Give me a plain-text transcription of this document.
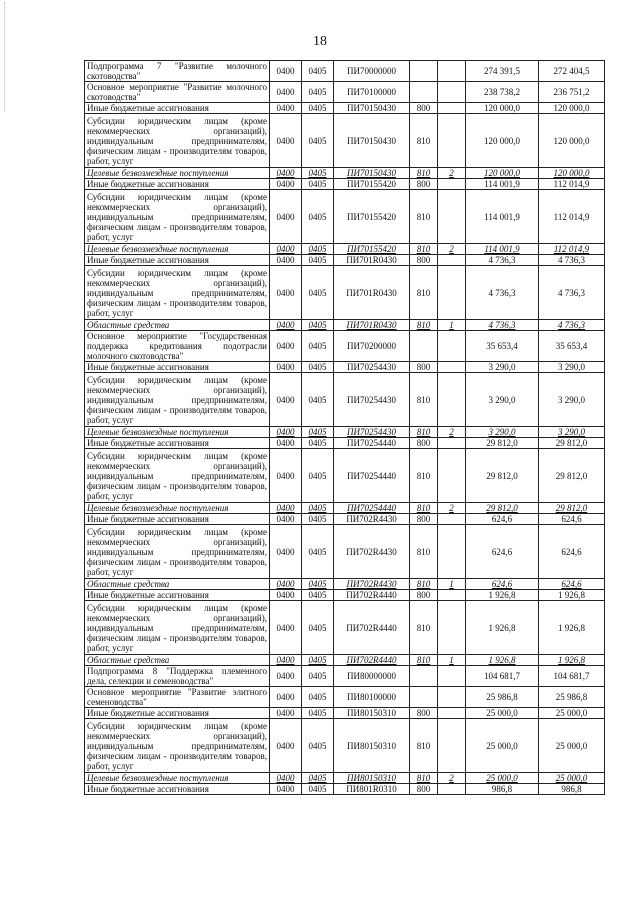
18
Подпрограмма 7 "Развитие молочного скотоводства"	0400	0405	ПИ70000000			274 391,5	272 404,5
Основное мероприятие "Развитие молочного скотоводства"	0400	0405	ПИ70100000			238 738,2	236 751,2
Иные бюджетные ассигнования	0400	0405	ПИ70150430	800		120 000,0	120 000,0
Субсидии юридическим лицам (кроме некоммерческих организаций), индивидуальным предпринимателям, физическим лицам - производителям товаров, работ, услуг	0400	0405	ПИ70150430	810		120 000,0	120 000,0
Целевые безвозмездные поступления	0400	0405	ПИ70150430	810	2	120 000,0	120 000,0
Иные бюджетные ассигнования	0400	0405	ПИ70155420	800		114 001,9	112 014,9
Субсидии юридическим лицам (кроме некоммерческих организаций), индивидуальным предпринимателям, физическим лицам - производителям товаров, работ, услуг	0400	0405	ПИ70155420	810		114 001,9	112 014,9
Целевые безвозмездные поступления	0400	0405	ПИ70155420	810	2	114 001,9	112 014,9
Иные бюджетные ассигнования	0400	0405	ПИ701R0430	800		4 736,3	4 736,3
Субсидии юридическим лицам (кроме некоммерческих организаций), индивидуальным предпринимателям, физическим лицам - производителям товаров, работ, услуг	0400	0405	ПИ701R0430	810		4 736,3	4 736,3
Областные средства	0400	0405	ПИ701R0430	810	1	4 736,3	4 736,3
Основное мероприятие "Государственная поддержка кредитования подотрасли молочного скотоводства"	0400	0405	ПИ70200000			35 653,4	35 653,4
Иные бюджетные ассигнования	0400	0405	ПИ70254430	800		3 290,0	3 290,0
Субсидии юридическим лицам (кроме некоммерческих организаций), индивидуальным предпринимателям, физическим лицам - производителям товаров, работ, услуг	0400	0405	ПИ70254430	810		3 290,0	3 290,0
Целевые безвозмездные поступления	0400	0405	ПИ70254430	810	2	3 290,0	3 290,0
Иные бюджетные ассигнования	0400	0405	ПИ70254440	800		29 812,0	29 812,0
Субсидии юридическим лицам (кроме некоммерческих организаций), индивидуальным предпринимателям, физическим лицам - производителям товаров, работ, услуг	0400	0405	ПИ70254440	810		29 812,0	29 812,0
Целевые безвозмездные поступления	0400	0405	ПИ70254440	810	2	29 812,0	29 812,0
Иные бюджетные ассигнования	0400	0405	ПИ702R4430	800		624,6	624,6
Субсидии юридическим лицам (кроме некоммерческих организаций), индивидуальным предпринимателям, физическим лицам - производителям товаров, работ, услуг	0400	0405	ПИ702R4430	810		624,6	624,6
Областные средства	0400	0405	ПИ702R4430	810	1	624,6	624,6
Иные бюджетные ассигнования	0400	0405	ПИ702R4440	800		1 926,8	1 926,8
Субсидии юридическим лицам (кроме некоммерческих организаций), индивидуальным предпринимателям, физическим лицам - производителям товаров, работ, услуг	0400	0405	ПИ702R4440	810		1 926,8	1 926,8
Областные средства	0400	0405	ПИ702R4440	810	1	1 926,8	1 926,8
Подпрограмма 8 "Поддержка племенного дела, селекции и семеноводства"	0400	0405	ПИ80000000			104 681,7	104 681,7
Основное мероприятие "Развитие элитного семеноводства"	0400	0405	ПИ80100000			25 986,8	25 986,8
Иные бюджетные ассигнования	0400	0405	ПИ80150310	800		25 000,0	25 000,0
Субсидии юридическим лицам (кроме некоммерческих организаций), индивидуальным предпринимателям, физическим лицам - производителям товаров, работ, услуг	0400	0405	ПИ80150310	810		25 000,0	25 000,0
Целевые безвозмездные поступления	0400	0405	ПИ80150310	810	2	25 000,0	25 000,0
Иные бюджетные ассигнования	0400	0405	ПИ801R0310	800		986,8	986,8
